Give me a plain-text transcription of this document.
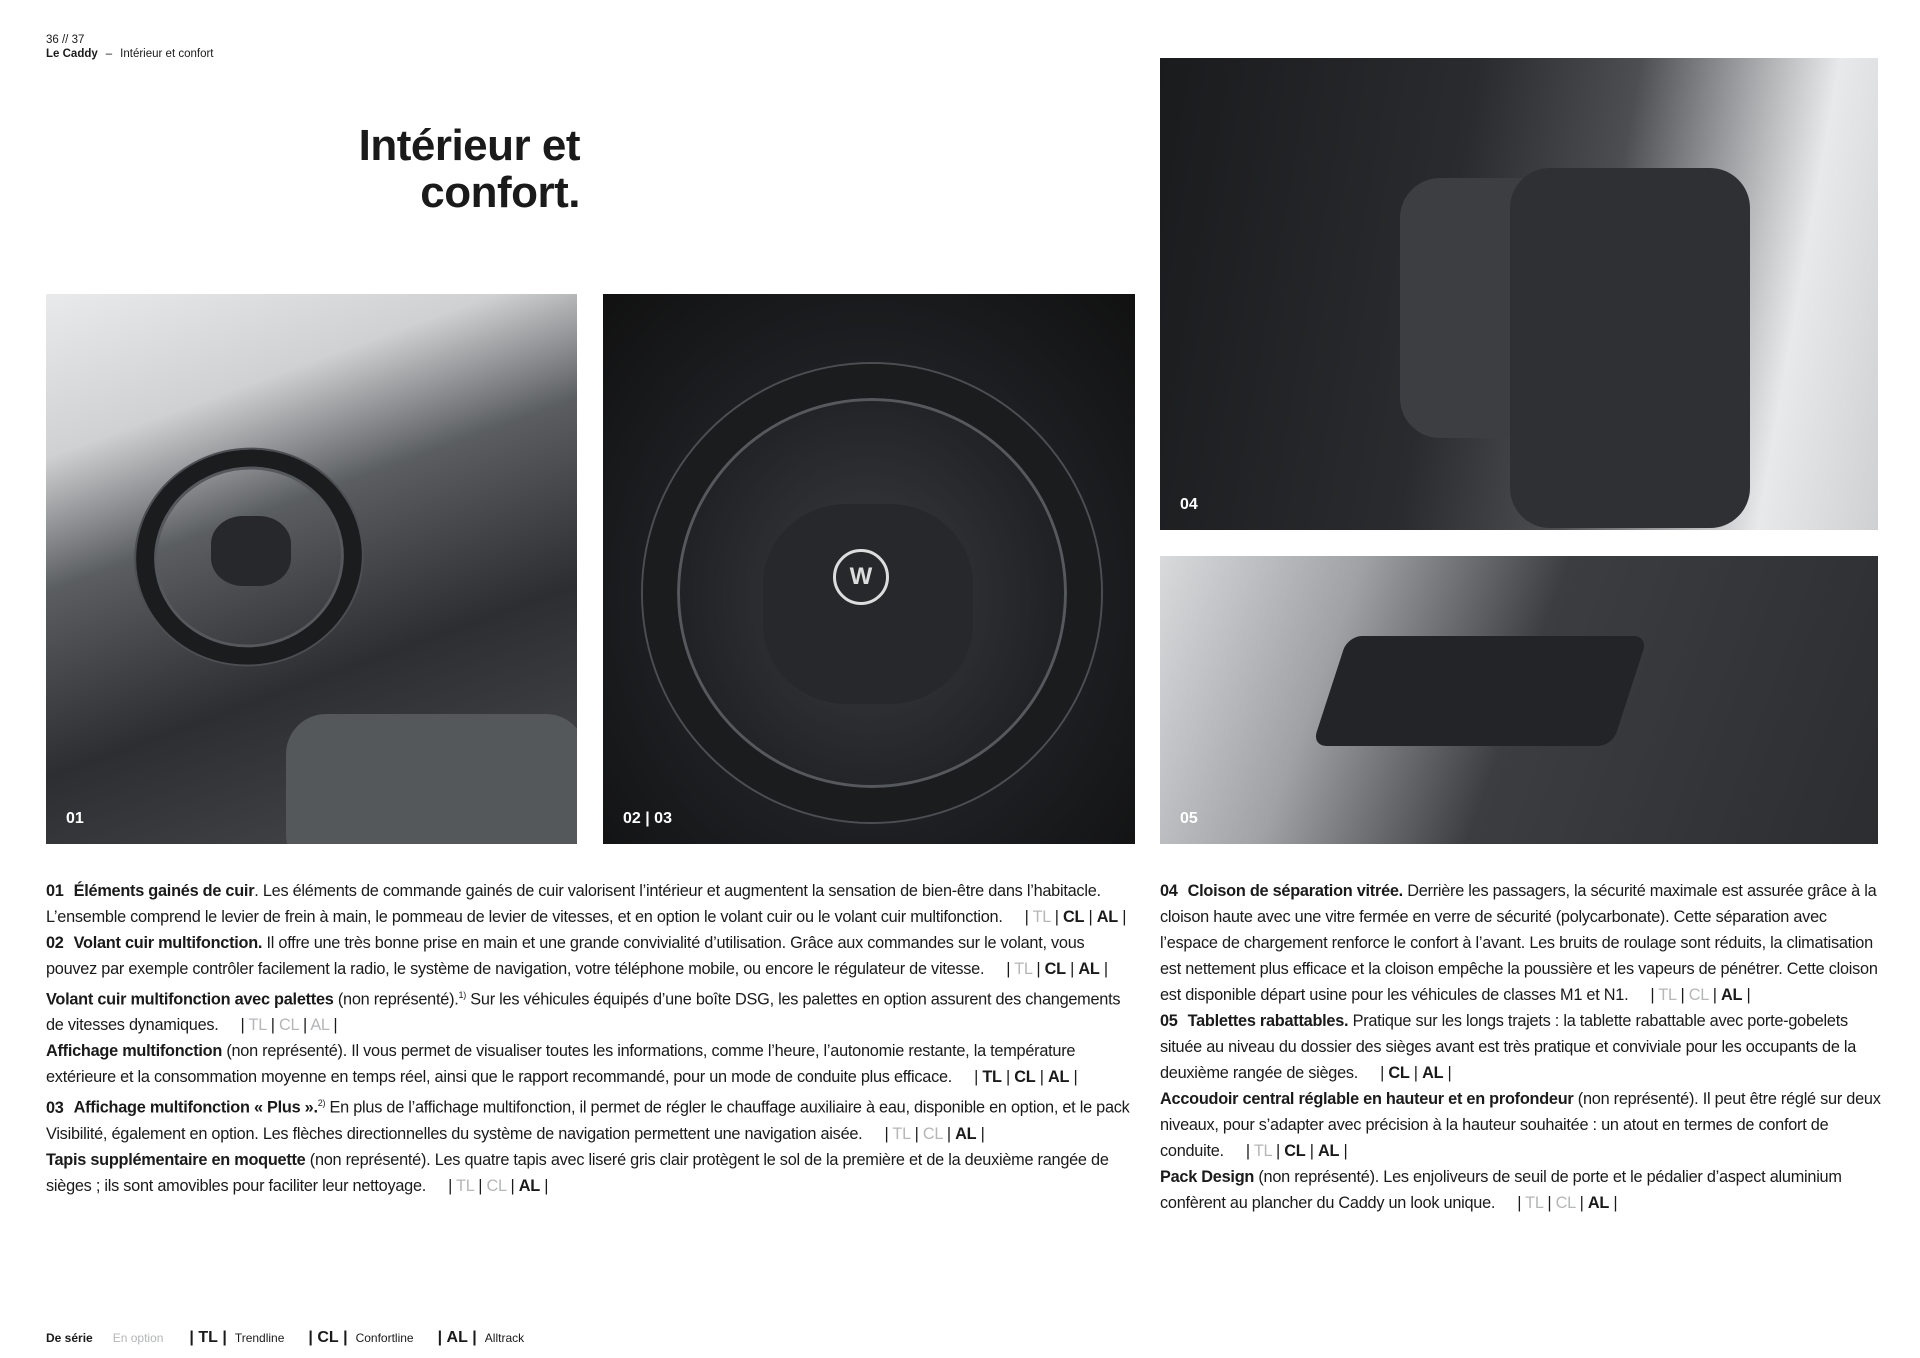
36 // 37
Le Caddy – Intérieur et confort
Intérieur et
confort.
01
W
02 | 03
04
05
01 Éléments gainés de cuir. Les éléments de commande gainés de cuir valorisent l’intérieur et augmentent la sensation de bien-être dans l’habitacle. L’ensemble comprend le levier de frein à main, le pommeau de levier de vitesses, et en option le volant cuir ou le volant cuir multifonction. | TL | CL | AL |
02 Volant cuir multifonction. Il offre une très bonne prise en main et une grande convivialité d’utilisation. Grâce aux commandes sur le volant, vous pouvez par exemple contrôler facilement la radio, le système de navigation, votre téléphone mobile, ou encore le régulateur de vitesse. | TL | CL | AL |
Volant cuir multifonction avec palettes (non représenté).$^{1)}$ Sur les véhicules équipés d’une boîte DSG, les palettes en option assurent des changements de vitesses dynamiques. | TL | CL | AL |
Affichage multifonction (non représenté). Il vous permet de visualiser toutes les informations, comme l’heure, l’autonomie restante, la température extérieure et la consommation moyenne en temps réel, ainsi que le rapport recommandé, pour un mode de conduite plus efficace. | TL | CL | AL |
03 Affichage multifonction « Plus ».$^{2)}$ En plus de l’affichage multifonction, il permet de régler le chauffage auxiliaire à eau, disponible en option, et le pack Visibilité, également en option. Les flèches directionnelles du système de navigation permettent une navigation aisée. | TL | CL | AL |
Tapis supplémentaire en moquette (non représenté). Les quatre tapis avec liseré gris clair protègent le sol de la première et de la deuxième rangée de sièges ; ils sont amovibles pour faciliter leur nettoyage. | TL | CL | AL |
04 Cloison de séparation vitrée. Derrière les passagers, la sécurité maximale est assurée grâce à la cloison haute avec une vitre fermée en verre de sécurité (polycarbonate). Cette séparation avec l’espace de chargement renforce le confort à l’avant. Les bruits de roulage sont réduits, la climatisation est nettement plus efficace et la cloison empêche la poussière et les vapeurs de pénétrer. Cette cloison est disponible départ usine pour les véhicules de classes M1 et N1. | TL | CL | AL |
05 Tablettes rabattables. Pratique sur les longs trajets : la tablette rabattable avec porte-gobelets située au niveau du dossier des sièges avant est très pratique et conviviale pour les occupants de la deuxième rangée de sièges. | CL | AL |
Accoudoir central réglable en hauteur et en profondeur (non représenté). Il peut être réglé sur deux niveaux, pour s’adapter avec précision à la hauteur souhaitée : un atout en termes de confort de conduite. | TL | CL | AL |
Pack Design (non représenté). Les enjoliveurs de seuil de porte et le pédalier d’aspect aluminium confèrent au plancher du Caddy un look unique. | TL | CL | AL |
De série En option | TL | Trendline | CL | Confortline | AL | Alltrack
